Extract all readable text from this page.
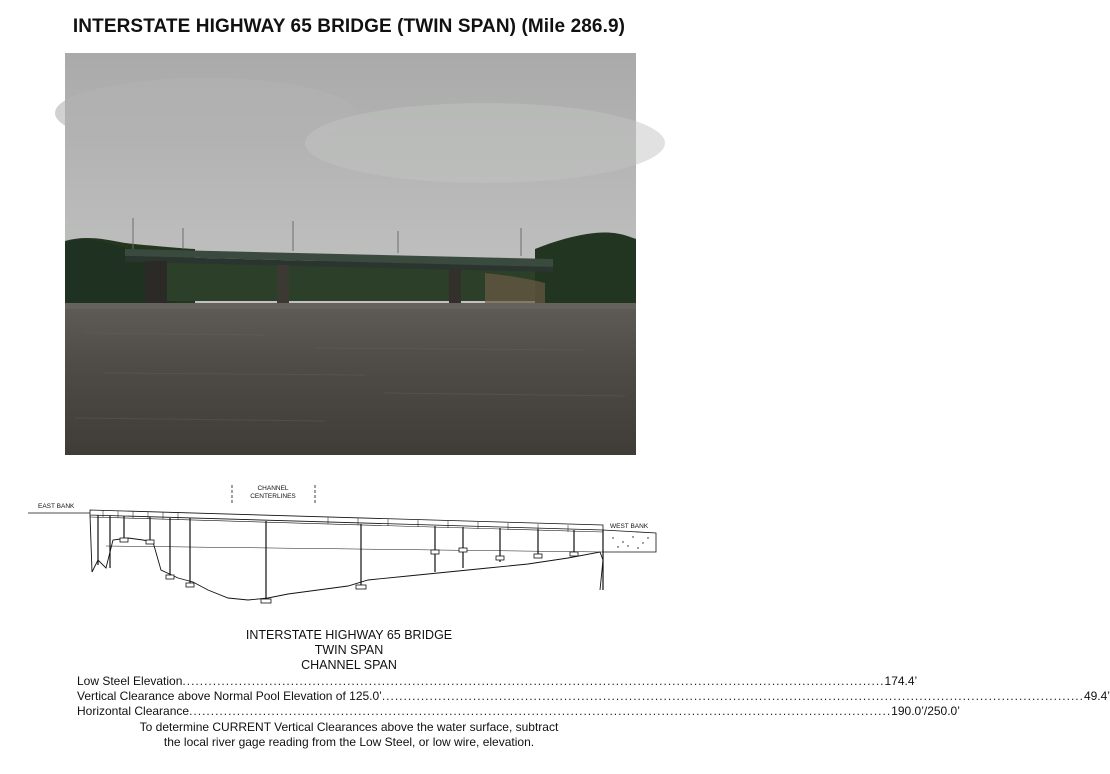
INTERSTATE HIGHWAY 65 BRIDGE (TWIN SPAN) (Mile 286.9)
CHANNEL
CENTERLINES
EAST BANK
WEST BANK
INTERSTATE HIGHWAY 65 BRIDGE
TWIN SPAN
CHANNEL SPAN
Low Steel Elevation .................................................................................................................................................................. 174.4’
Vertical Clearance above Normal Pool Elevation of 125.0’ .................................................................................................................................................................. 49.4’
Horizontal Clearance .................................................................................................................................................................. 190.0’/250.0’
To determine CURRENT Vertical Clearances above the water surface, subtract
the local river gage reading from the Low Steel, or low wire, elevation.
